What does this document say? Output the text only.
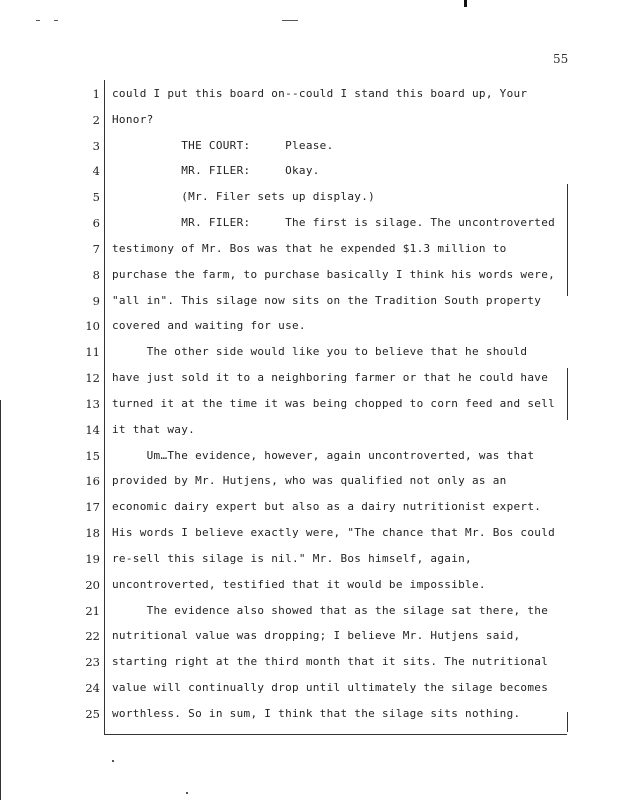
55
1 could I put this board on--could I stand this board up, Your
2 Honor?
3 THE COURT:     Please.
4 MR. FILER:     Okay.
5 (Mr. Filer sets up display.)
6 MR. FILER:     The first is silage. The uncontroverted
7 testimony of Mr. Bos was that he expended $1.3 million to
8 purchase the farm, to purchase basically I think his words were,
9 "all in". This silage now sits on the Tradition South property
10 covered and waiting for use.
11 The other side would like you to believe that he should
12 have just sold it to a neighboring farmer or that he could have
13 turned it at the time it was being chopped to corn feed and sell
14 it that way.
15 Um…The evidence, however, again uncontroverted, was that
16 provided by Mr. Hutjens, who was qualified not only as an
17 economic dairy expert but also as a dairy nutritionist expert.
18 His words I believe exactly were, "The chance that Mr. Bos could
19 re-sell this silage is nil." Mr. Bos himself, again,
20 uncontroverted, testified that it would be impossible.
21 The evidence also showed that as the silage sat there, the
22 nutritional value was dropping; I believe Mr. Hutjens said,
23 starting right at the third month that it sits. The nutritional
24 value will continually drop until ultimately the silage becomes
25 worthless. So in sum, I think that the silage sits nothing.
